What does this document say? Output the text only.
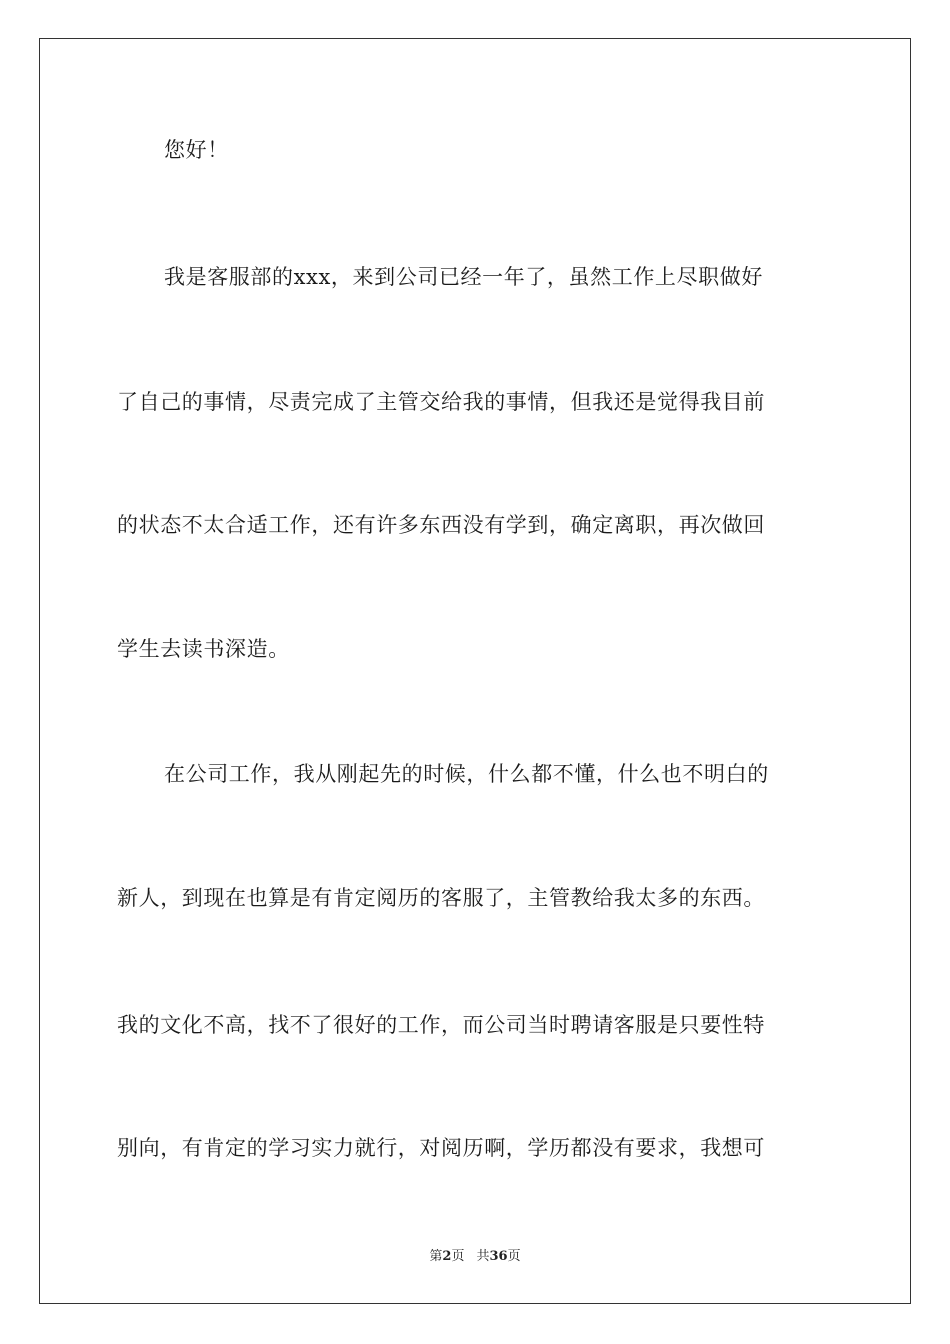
您好！
我是客服部的xxx，来到公司已经一年了，虽然工作上尽职做好
了自己的事情，尽责完成了主管交给我的事情，但我还是觉得我目前
的状态不太合适工作，还有许多东西没有学到，确定离职，再次做回
学生去读书深造。
在公司工作，我从刚起先的时候，什么都不懂，什么也不明白的
新人，到现在也算是有肯定阅历的客服了，主管教给我太多的东西。
我的文化不高，找不了很好的工作，而公司当时聘请客服是只要性特
别向，有肯定的学习实力就行，对阅历啊，学历都没有要求，我想可
第2页 共36页
